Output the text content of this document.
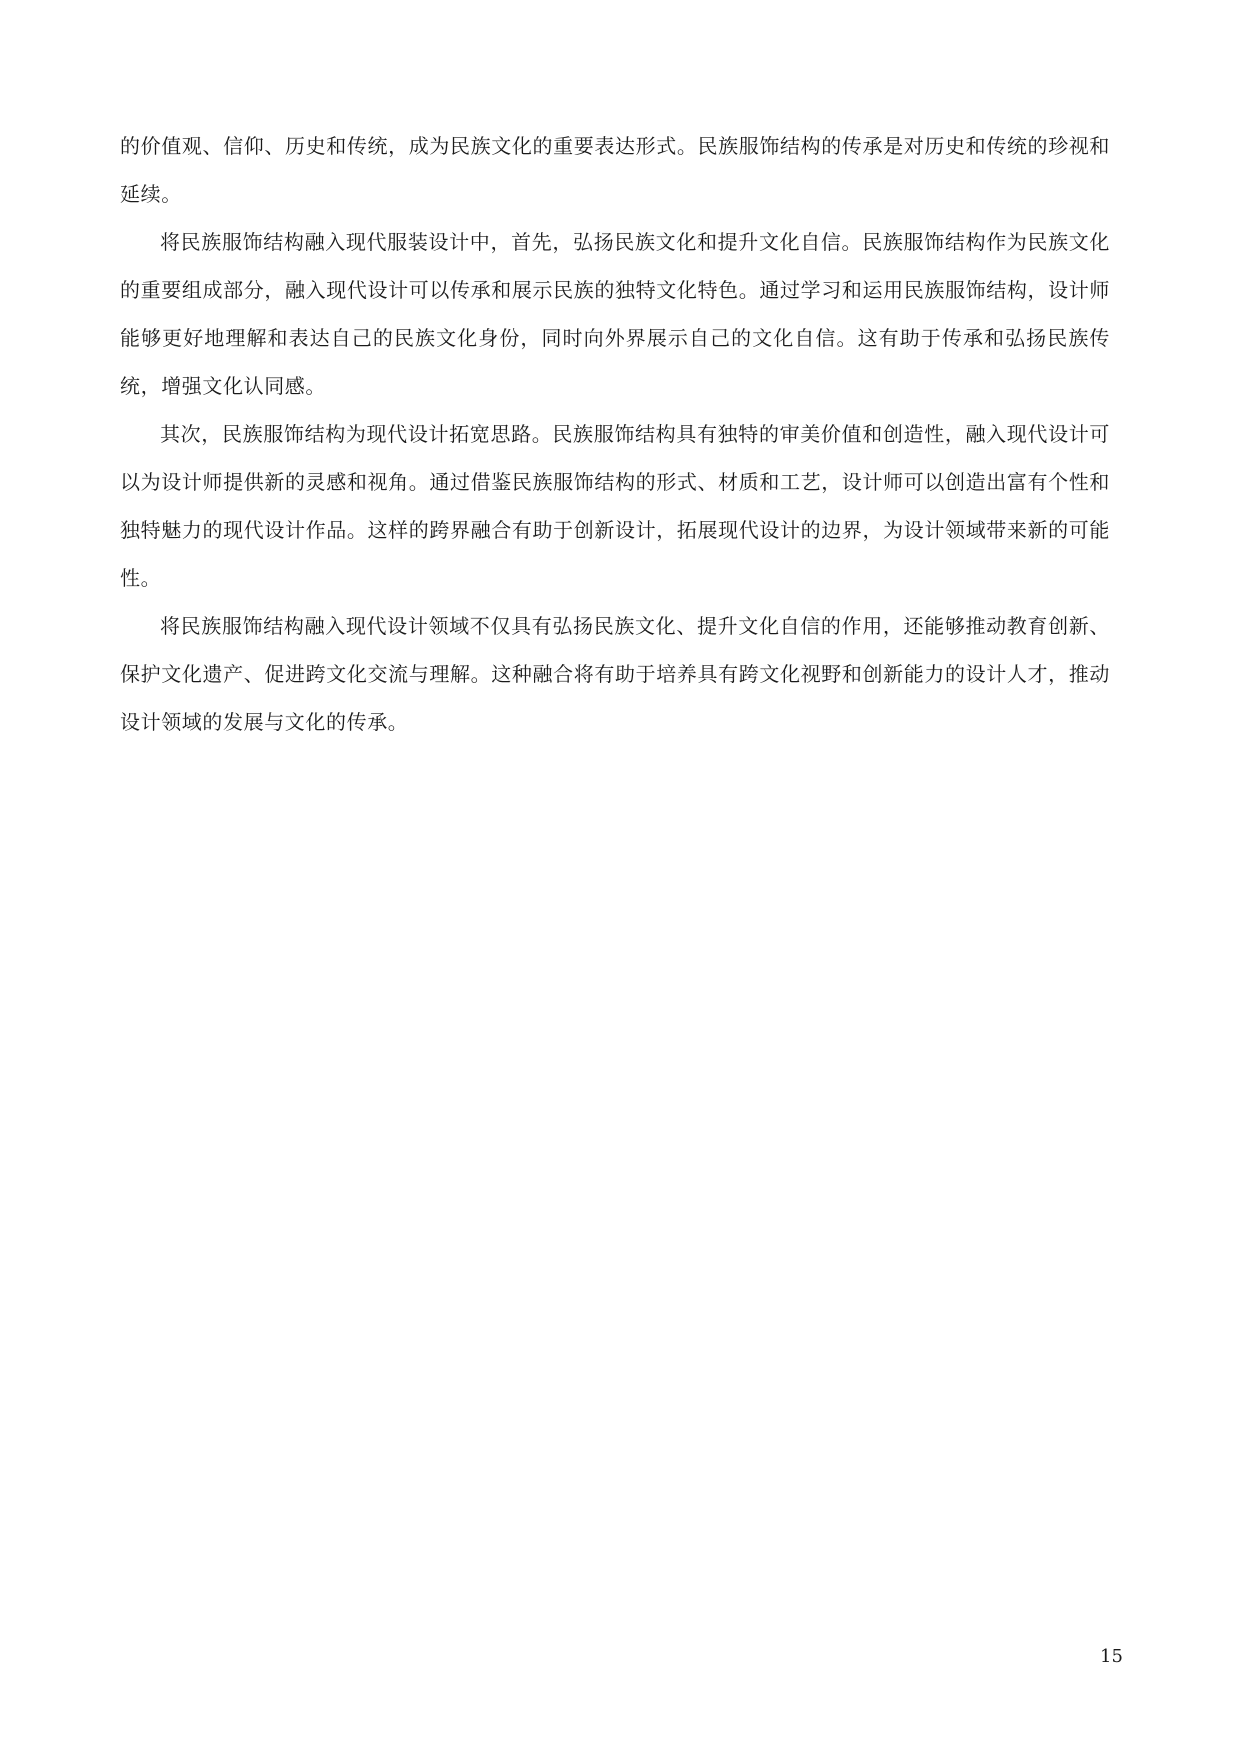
的价值观、信仰、历史和传统，成为民族文化的重要表达形式。民族服饰结构的传承是对历史和传统的珍视和延续。

将民族服饰结构融入现代服装设计中，首先，弘扬民族文化和提升文化自信。民族服饰结构作为民族文化的重要组成部分，融入现代设计可以传承和展示民族的独特文化特色。通过学习和运用民族服饰结构，设计师能够更好地理解和表达自己的民族文化身份，同时向外界展示自己的文化自信。这有助于传承和弘扬民族传统，增强文化认同感。

其次，民族服饰结构为现代设计拓宽思路。民族服饰结构具有独特的审美价值和创造性，融入现代设计可以为设计师提供新的灵感和视角。通过借鉴民族服饰结构的形式、材质和工艺，设计师可以创造出富有个性和独特魅力的现代设计作品。这样的跨界融合有助于创新设计，拓展现代设计的边界，为设计领域带来新的可能性。

将民族服饰结构融入现代设计领域不仅具有弘扬民族文化、提升文化自信的作用，还能够推动教育创新、保护文化遗产、促进跨文化交流与理解。这种融合将有助于培养具有跨文化视野和创新能力的设计人才，推动设计领域的发展与文化的传承。

15
